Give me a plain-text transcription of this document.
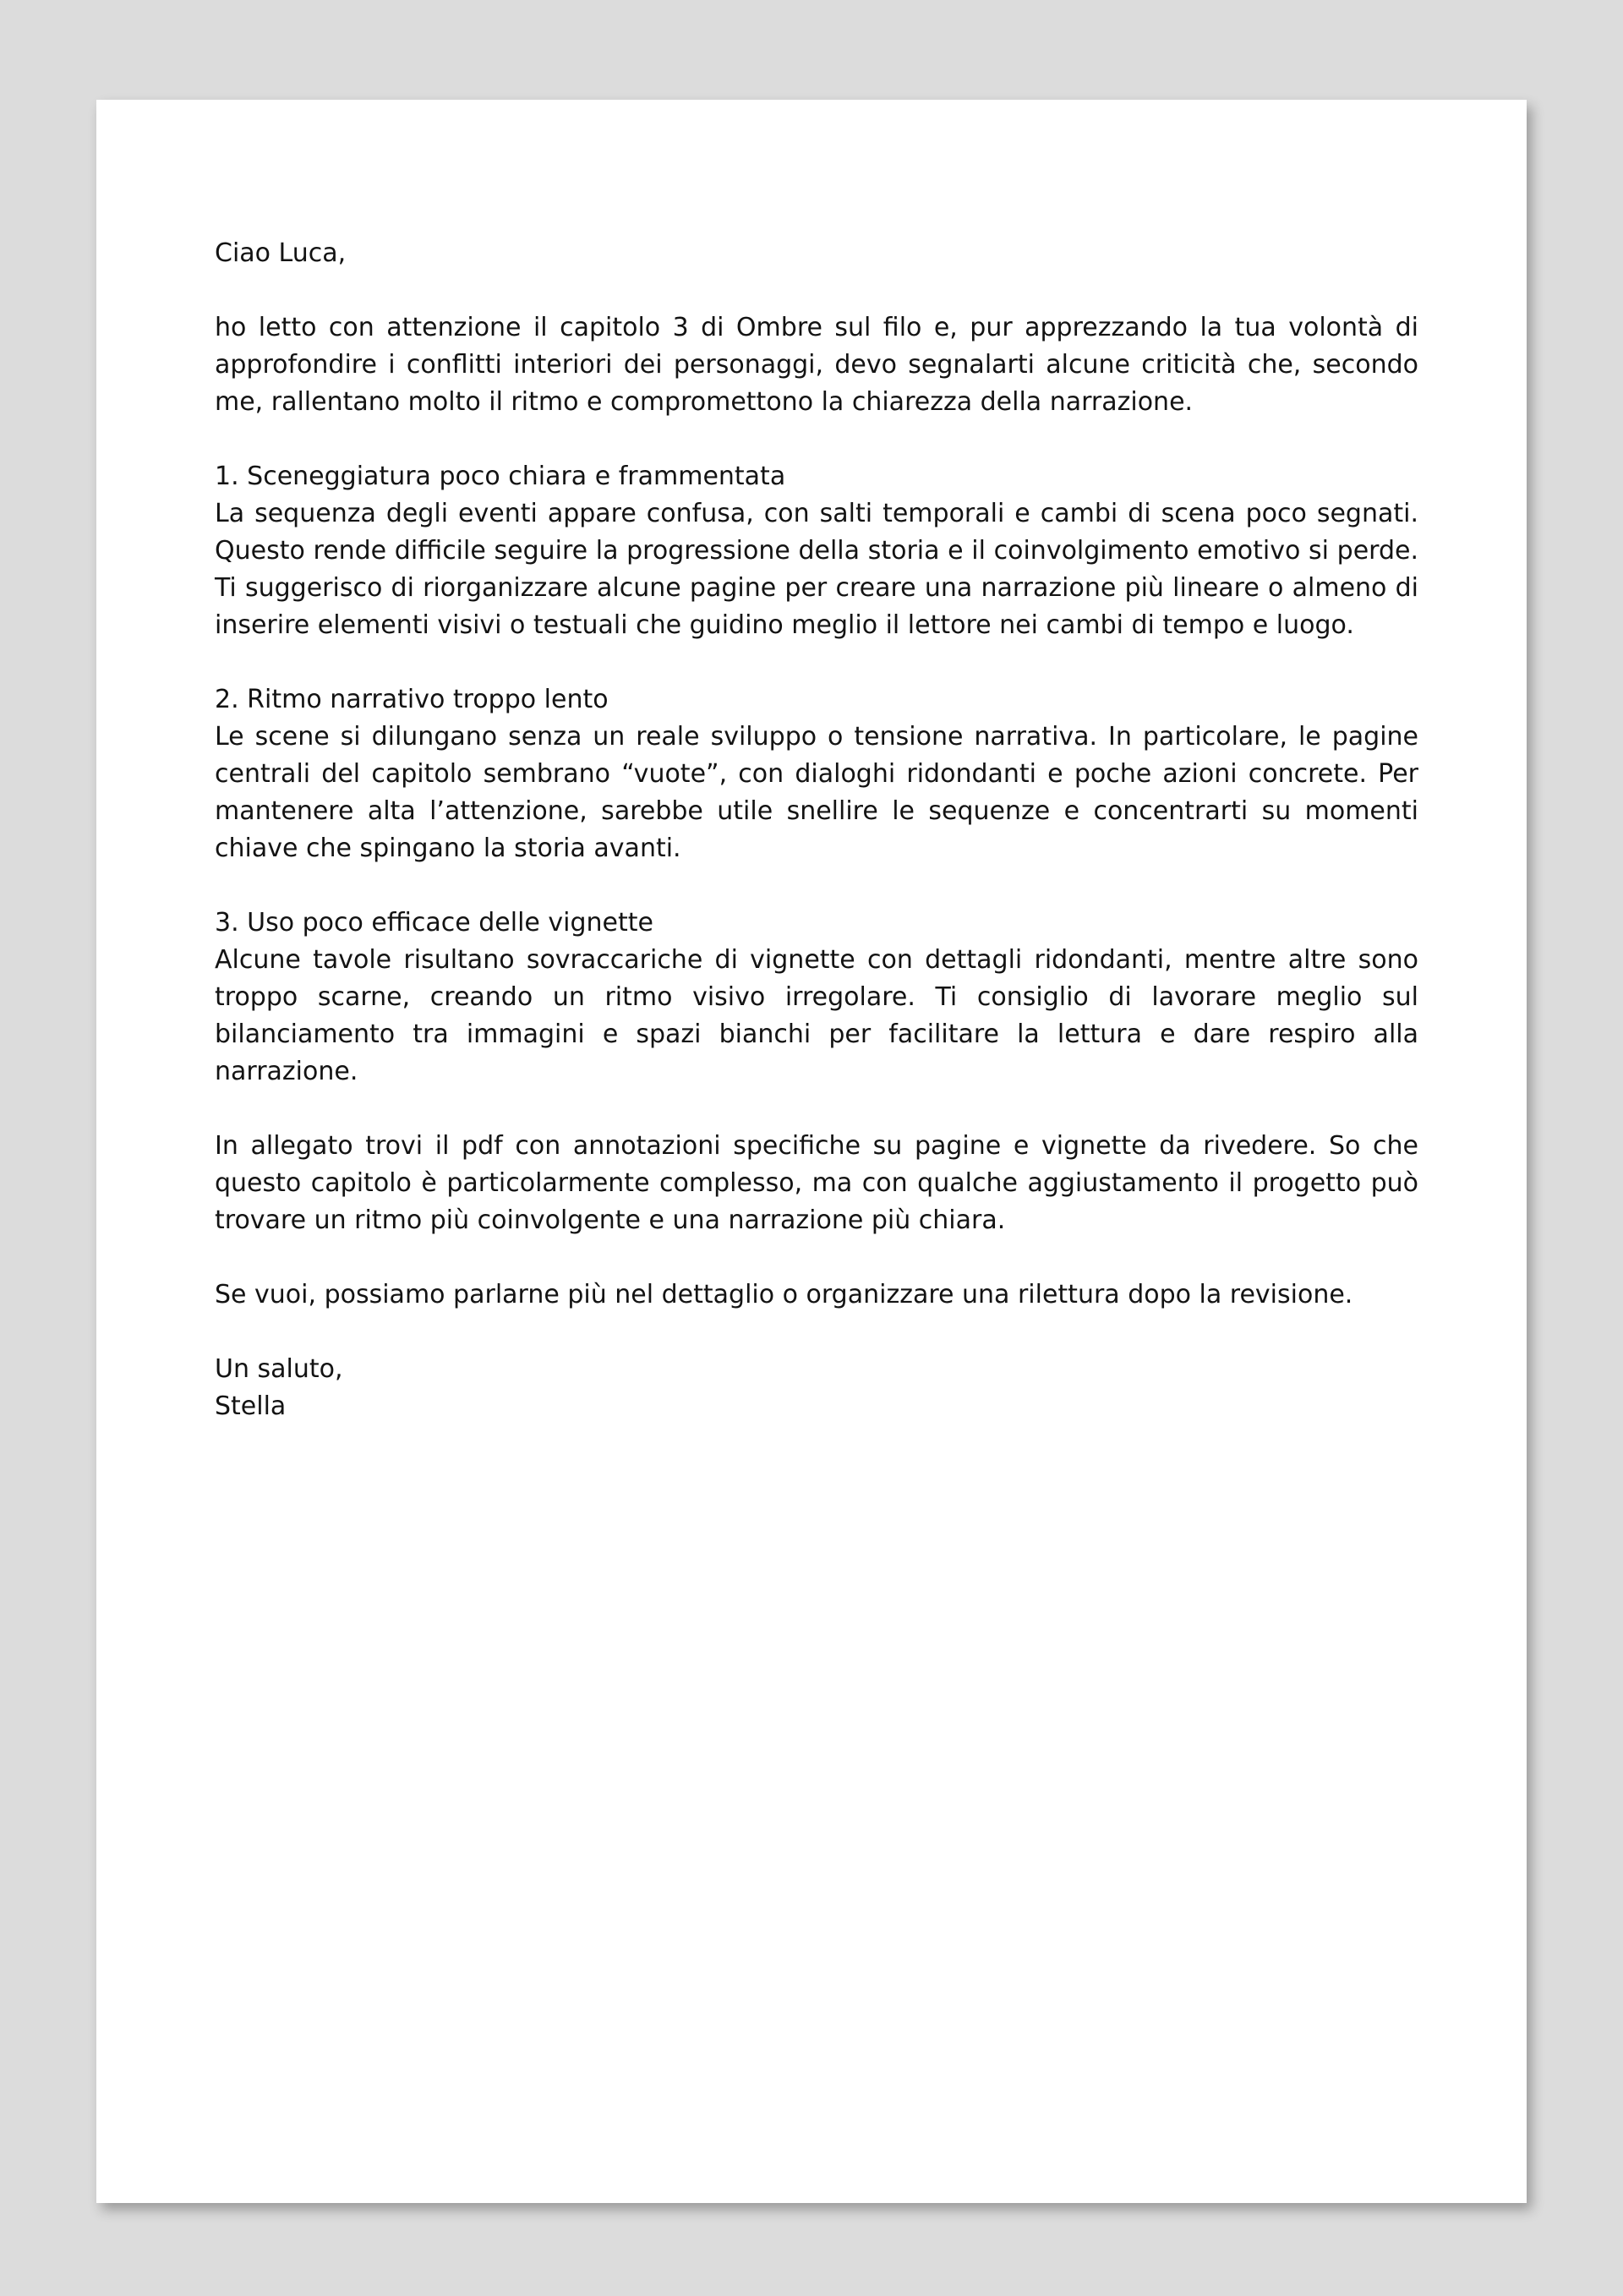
Ciao Luca,

ho letto con attenzione il capitolo 3 di Ombre sul filo e, pur apprezzando la tua volontà di approfondire i conflitti interiori dei personaggi, devo segnalarti alcune criticità che, secondo me, rallentano molto il ritmo e compromettono la chiarezza della narrazione.

1. Sceneggiatura poco chiara e frammentata

La sequenza degli eventi appare confusa, con salti temporali e cambi di scena poco segnati. Questo rende difficile seguire la progressione della storia e il coinvolgimento emotivo si perde. Ti suggerisco di riorganizzare alcune pagine per creare una narrazione più lineare o almeno di inserire elementi visivi o testuali che guidino meglio il lettore nei cambi di tempo e luogo.

2. Ritmo narrativo troppo lento

Le scene si dilungano senza un reale sviluppo o tensione narrativa. In particolare, le pagine centrali del capitolo sembrano “vuote”, con dialoghi ridondanti e poche azioni concrete. Per mantenere alta l’attenzione, sarebbe utile snellire le sequenze e concentrarti su momenti chiave che spingano la storia avanti.

3. Uso poco efficace delle vignette

Alcune tavole risultano sovraccariche di vignette con dettagli ridondanti, mentre altre sono troppo scarne, creando un ritmo visivo irregolare. Ti consiglio di lavorare meglio sul bilanciamento tra immagini e spazi bianchi per facilitare la lettura e dare respiro alla narrazione.

In allegato trovi il pdf con annotazioni specifiche su pagine e vignette da rivedere. So che questo capitolo è particolarmente complesso, ma con qualche aggiustamento il progetto può trovare un ritmo più coinvolgente e una narrazione più chiara.

Se vuoi, possiamo parlarne più nel dettaglio o organizzare una rilettura dopo la revisione.

Un saluto,
Stella
